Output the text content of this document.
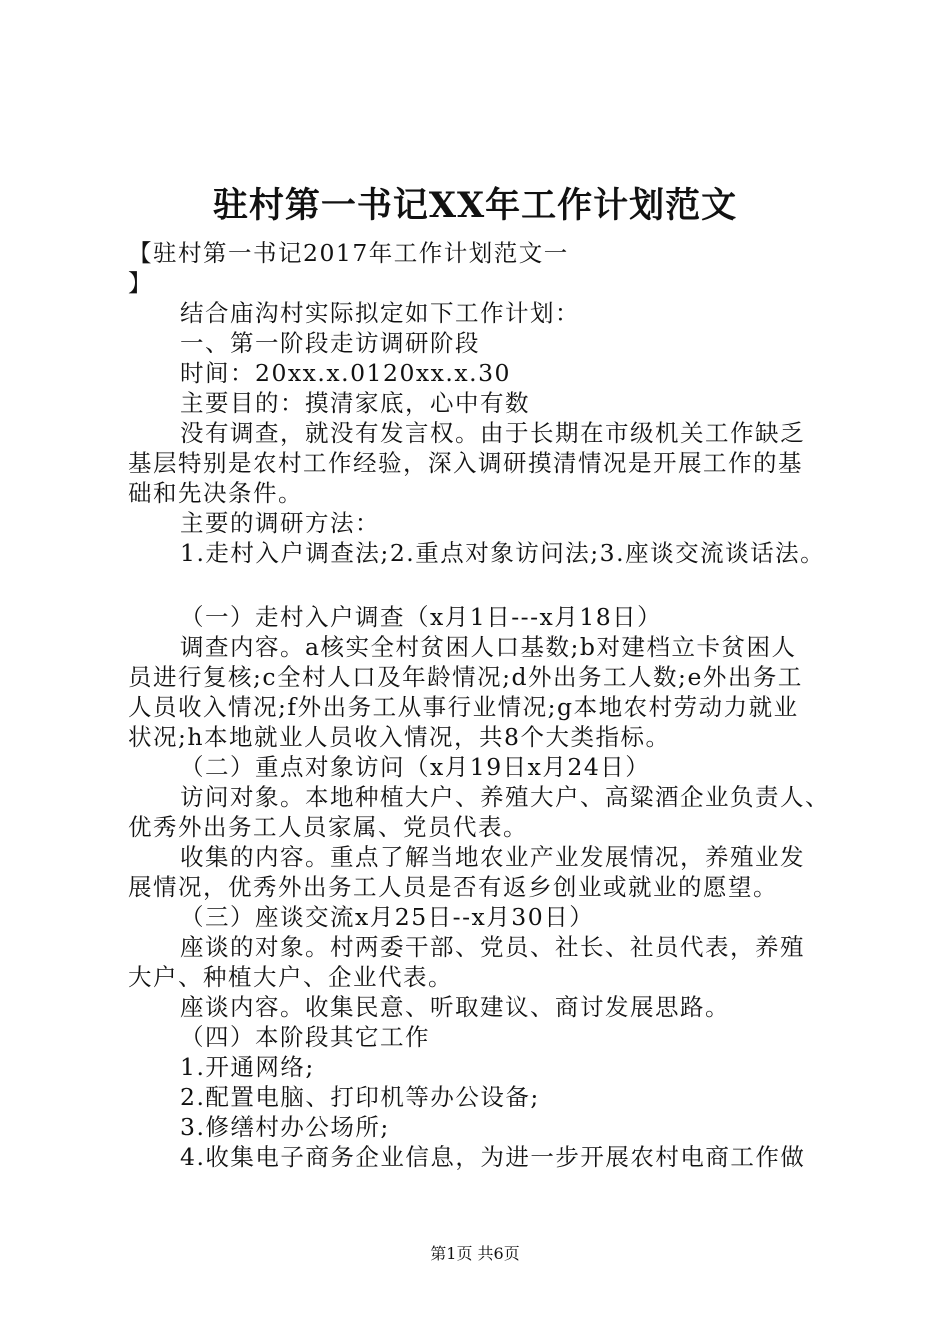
驻村第一书记XX年工作计划范文
【驻村第一书记2017年工作计划范文一
】
结合庙沟村实际拟定如下工作计划：
一、第一阶段走访调研阶段
时间：20xx.x.0120xx.x.30
主要目的：摸清家底，心中有数
没有调查，就没有发言权。由于长期在市级机关工作缺乏
基层特别是农村工作经验，深入调研摸清情况是开展工作的基
础和先决条件。
主要的调研方法：
1.走村入户调查法;2.重点对象访问法;3.座谈交流谈话法。
（一）走村入户调查（x月1日---x月18日）
调查内容。a核实全村贫困人口基数;b对建档立卡贫困人
员进行复核;c全村人口及年龄情况;d外出务工人数;e外出务工
人员收入情况;f外出务工从事行业情况;g本地农村劳动力就业
状况;h本地就业人员收入情况，共8个大类指标。
（二）重点对象访问（x月19日x月24日）
访问对象。本地种植大户、养殖大户、高粱酒企业负责人、
优秀外出务工人员家属、党员代表。
收集的内容。重点了解当地农业产业发展情况，养殖业发
展情况，优秀外出务工人员是否有返乡创业或就业的愿望。
（三）座谈交流x月25日--x月30日）
座谈的对象。村两委干部、党员、社长、社员代表，养殖
大户、种植大户、企业代表。
座谈内容。收集民意、听取建议、商讨发展思路。
（四）本阶段其它工作
1.开通网络;
2.配置电脑、打印机等办公设备;
3.修缮村办公场所;
4.收集电子商务企业信息，为进一步开展农村电商工作做
第1页 共6页
